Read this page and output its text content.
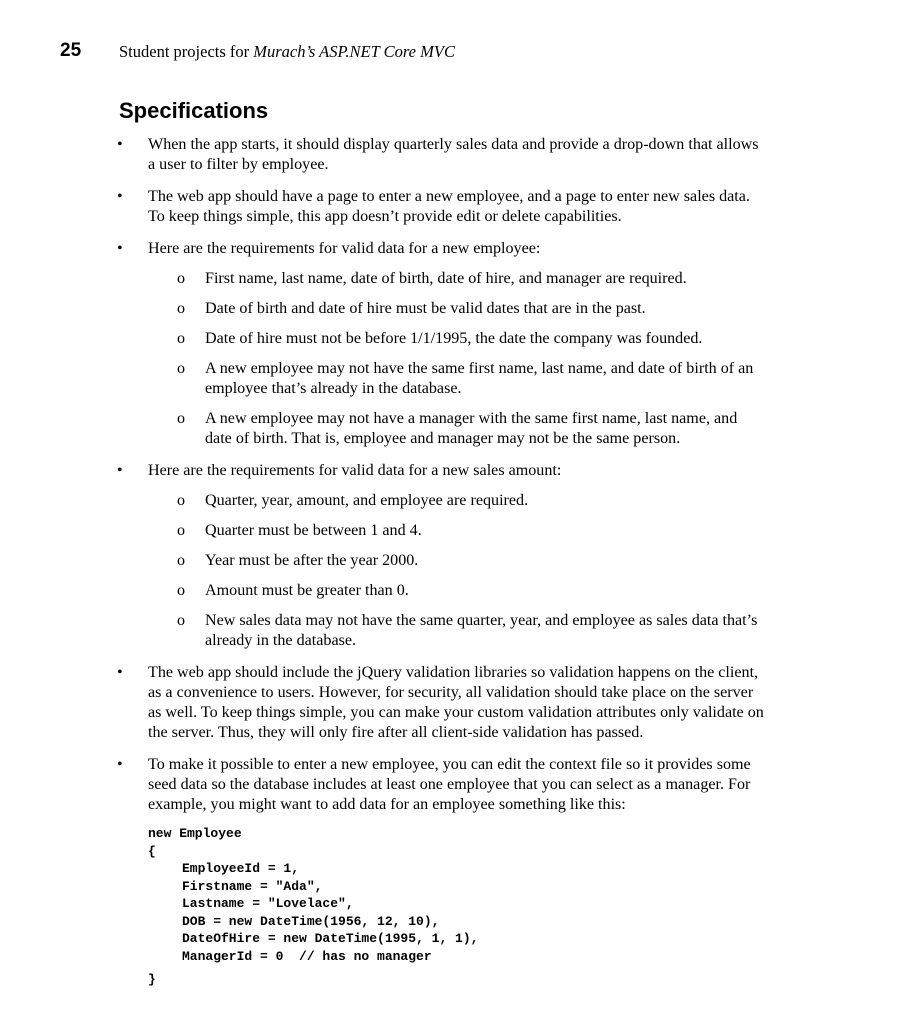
25 Student projects for Murach’s ASP.NET Core MVC
Specifications
• When the app starts, it should display quarterly sales data and provide a drop-down that allows a user to filter by employee.
• The web app should have a page to enter a new employee, and a page to enter new sales data. To keep things simple, this app doesn’t provide edit or delete capabilities.
• Here are the requirements for valid data for a new employee:
o First name, last name, date of birth, date of hire, and manager are required.
o Date of birth and date of hire must be valid dates that are in the past.
o Date of hire must not be before 1/1/1995, the date the company was founded.
o A new employee may not have the same first name, last name, and date of birth of an employee that’s already in the database.
o A new employee may not have a manager with the same first name, last name, and date of birth. That is, employee and manager may not be the same person.
• Here are the requirements for valid data for a new sales amount:
o Quarter, year, amount, and employee are required.
o Quarter must be between 1 and 4.
o Year must be after the year 2000.
o Amount must be greater than 0.
o New sales data may not have the same quarter, year, and employee as sales data that’s already in the database.
• The web app should include the jQuery validation libraries so validation happens on the client, as a convenience to users. However, for security, all validation should take place on the server as well. To keep things simple, you can make your custom validation attributes only validate on the server. Thus, they will only fire after all client-side validation has passed.
• To make it possible to enter a new employee, you can edit the context file so it provides some seed data so the database includes at least one employee that you can select as a manager. For example, you might want to add data for an employee something like this:
new Employee
{
EmployeeId = 1,
Firstname = "Ada",
Lastname = "Lovelace",
DOB = new DateTime(1956, 12, 10),
DateOfHire = new DateTime(1995, 1, 1),
ManagerId = 0  // has no manager
}
